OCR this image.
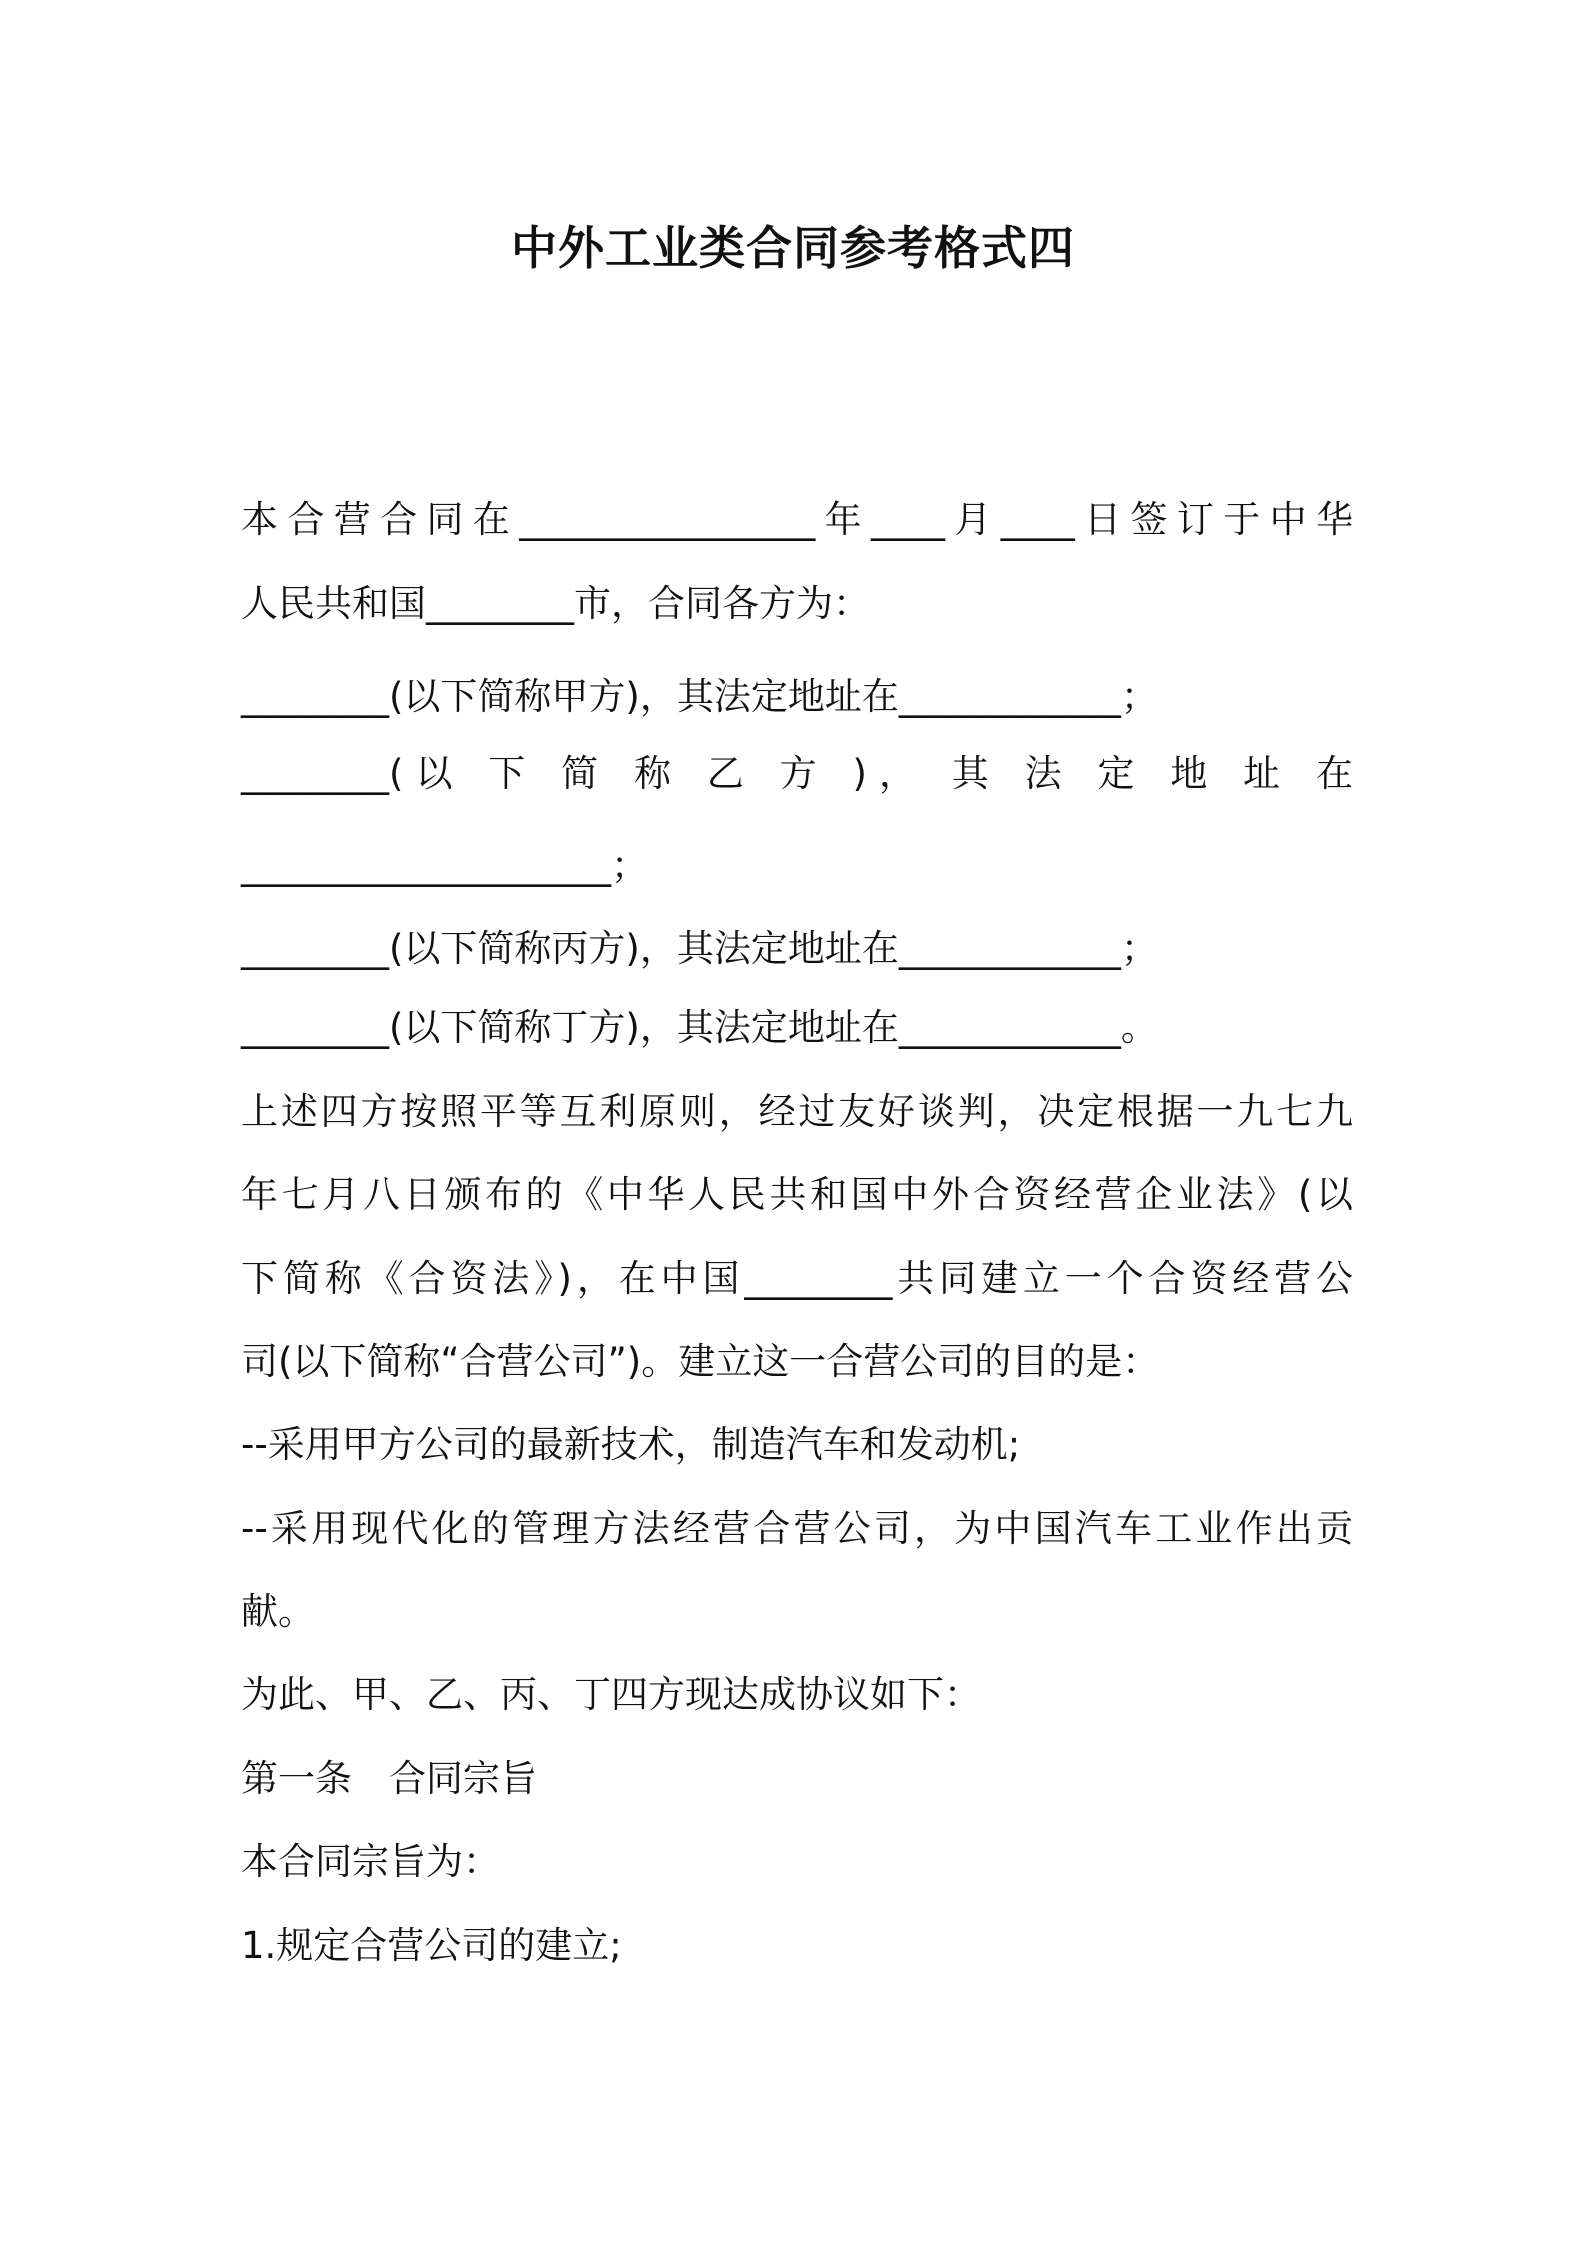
中外工业类合同参考格式四
本合营合同在________________年____月____日签订于中华
人民共和国________市，合同各方为：
________(以下简称甲方)，其法定地址在____________；
________(以 下 简 称 乙 方 )， 其 法 定 地 址 在
____________________；
________(以下简称丙方)，其法定地址在____________；
________(以下简称丁方)，其法定地址在____________。
上述四方按照平等互利原则，经过友好谈判，决定根据一九七九
年七月八日颁布的《中华人民共和国中外合资经营企业法》(以
下简称《合资法》)，在中国________共同建立一个合资经营公
司(以下简称“合营公司”)。建立这一合营公司的目的是：
--采用甲方公司的最新技术，制造汽车和发动机;
--采用现代化的管理方法经营合营公司，为中国汽车工业作出贡
献。
为此、甲、乙、丙、丁四方现达成协议如下：
第一条　合同宗旨
本合同宗旨为：
1.规定合营公司的建立;
